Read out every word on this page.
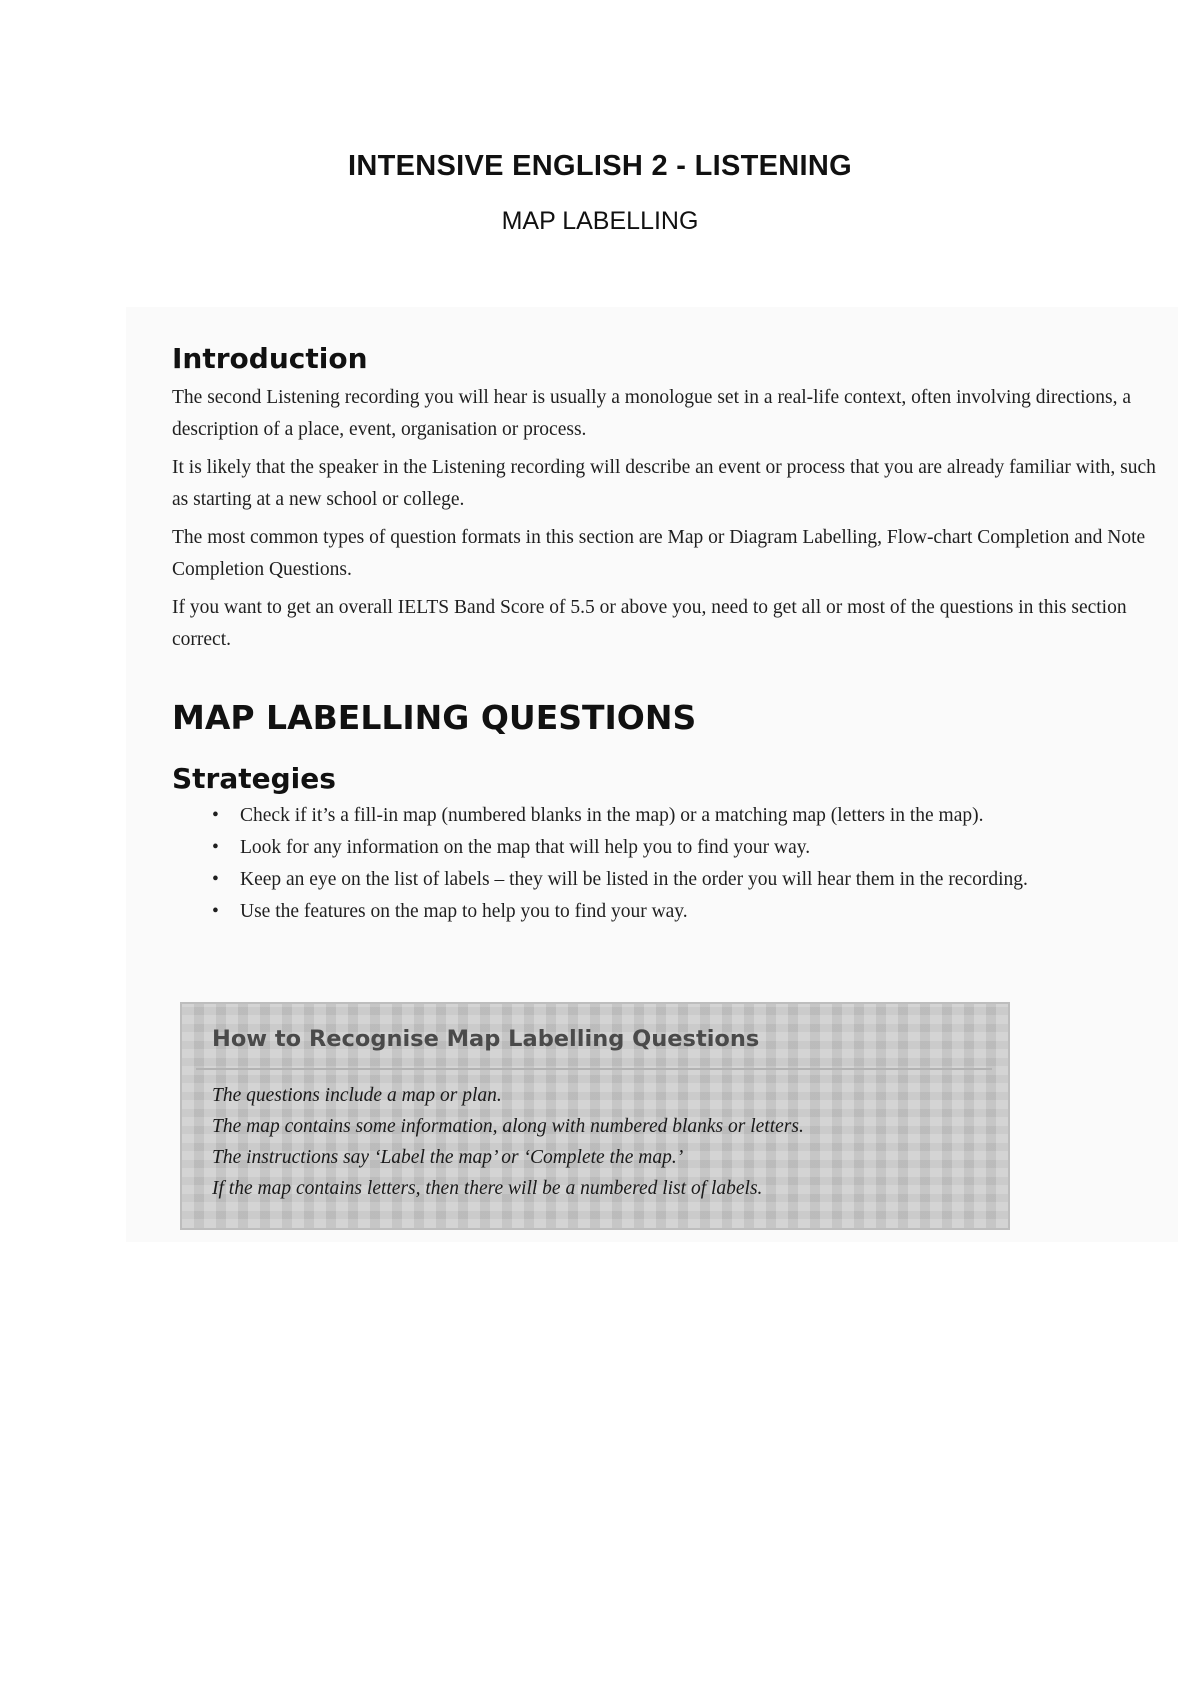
INTENSIVE ENGLISH 2 - LISTENING
MAP LABELLING
Introduction

The second Listening recording you will hear is usually a monologue set in a real-life context, often involving directions, a description of a place, event, organisation or process.

It is likely that the speaker in the Listening recording will describe an event or process that you are already familiar with, such as starting at a new school or college.

The most common types of question formats in this section are Map or Diagram Labelling, Flow-chart Completion and Note Completion Questions.

If you want to get an overall IELTS Band Score of 5.5 or above you, need to get all or most of the questions in this section correct.

MAP LABELLING QUESTIONS
Strategies
• Check if it’s a fill-in map (numbered blanks in the map) or a matching map (letters in the map).
• Look for any information on the map that will help you to find your way.
• Keep an eye on the list of labels – they will be listed in the order you will hear them in the recording.
• Use the features on the map to help you to find your way.
How to Recognise Map Labelling Questions
The questions include a map or plan.
The map contains some information, along with numbered blanks or letters.
The instructions say ‘Label the map’ or ‘Complete the map.’
If the map contains letters, then there will be a numbered list of labels.
